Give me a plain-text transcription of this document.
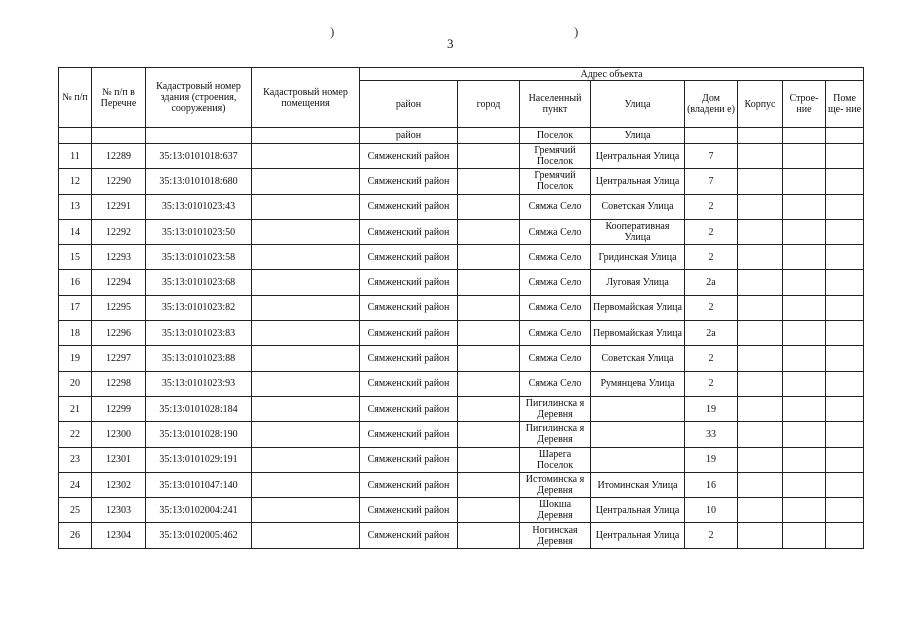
)	)
3
№ п/п	№ п/п в Перечне	Кадастровый номер здания (строения, сооружения)	Кадастровый номер помещения	Адрес объекта							
				район	город	Населенный пункт	Улица	Дом (владени е)	Корпус	Строе- ние	Поме ще- ние
				район		Поселок	Улица				
11	12289	35:13:0101018:637		Сямженский район		Гремячий Поселок	Центральная Улица	7			
12	12290	35:13:0101018:680		Сямженский район		Гремячий Поселок	Центральная Улица	7			
13	12291	35:13:0101023:43		Сямженский район		Сямжа Село	Советская Улица	2			
14	12292	35:13:0101023:50		Сямженский район		Сямжа Село	Кооперативная Улица	2			
15	12293	35:13:0101023:58		Сямженский район		Сямжа Село	Гридинская Улица	2			
16	12294	35:13:0101023:68		Сямженский район		Сямжа Село	Луговая Улица	2а			
17	12295	35:13:0101023:82		Сямженский район		Сямжа Село	Первомайская Улица	2			
18	12296	35:13:0101023:83		Сямженский район		Сямжа Село	Первомайская Улица	2а			
19	12297	35:13:0101023:88		Сямженский район		Сямжа Село	Советская Улица	2			
20	12298	35:13:0101023:93		Сямженский район		Сямжа Село	Румянцева Улица	2			
21	12299	35:13:0101028:184		Сямженский район		Пигилинска я Деревня		19			
22	12300	35:13:0101028:190		Сямженский район		Пигилинска я Деревня		33			
23	12301	35:13:0101029:191		Сямженский район		Шарега Поселок		19			
24	12302	35:13:0101047:140		Сямженский район		Истоминска я Деревня	Итоминская Улица	16			
25	12303	35:13:0102004:241		Сямженский район		Шокша Деревня	Центральная Улица	10			
26	12304	35:13:0102005:462		Сямженский район		Ногинская Деревня	Центральная Улица	2			
